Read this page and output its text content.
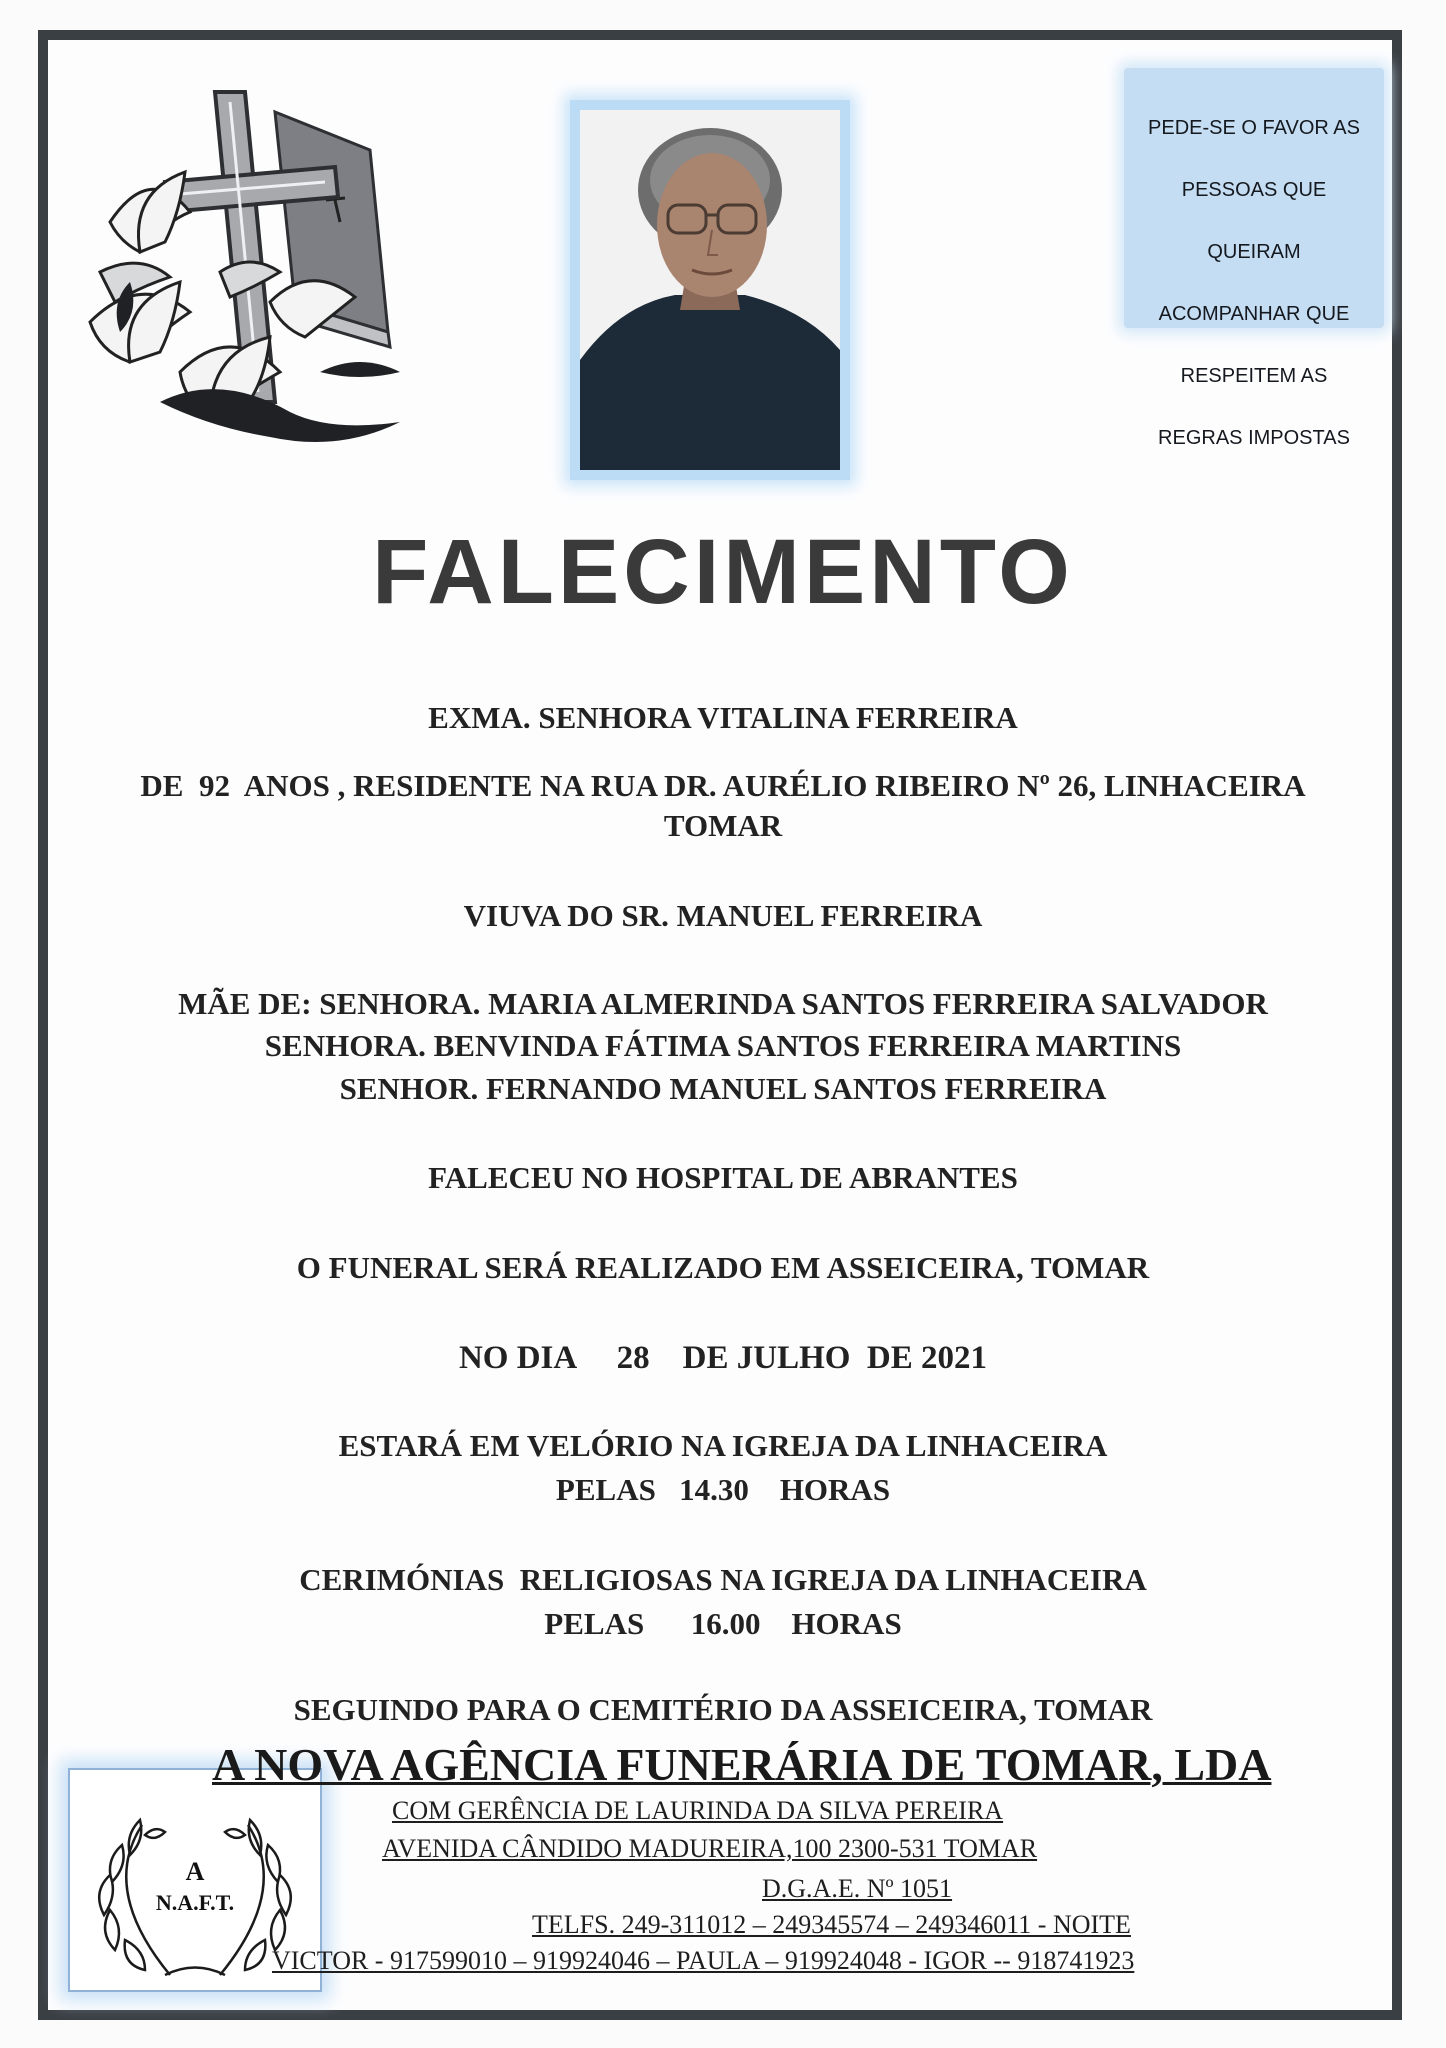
PEDE-SE O FAVOR AS

PESSOAS QUE

QUEIRAM

ACOMPANHAR QUE

RESPEITEM AS

REGRAS IMPOSTAS

FALECIMENTO
EXMA. SENHORA VITALINA FERREIRA
DE  92  ANOS , RESIDENTE NA RUA DR. AURÉLIO RIBEIRO Nº 26, LINHACEIRA
TOMAR
VIUVA DO SR. MANUEL FERREIRA
MÃE DE: SENHORA. MARIA ALMERINDA SANTOS FERREIRA SALVADOR
SENHORA. BENVINDA FÁTIMA SANTOS FERREIRA MARTINS
SENHOR. FERNANDO MANUEL SANTOS FERREIRA
FALECEU NO HOSPITAL DE ABRANTES
O FUNERAL SERÁ REALIZADO EM ASSEICEIRA, TOMAR
NO DIA     28    DE JULHO  DE 2021
ESTARÁ EM VELÓRIO NA IGREJA DA LINHACEIRA
PELAS   14.30    HORAS
CERIMÓNIAS  RELIGIOSAS NA IGREJA DA LINHACEIRA
PELAS      16.00    HORAS
SEGUINDO PARA O CEMITÉRIO DA ASSEICEIRA, TOMAR
A
N.A.F.T.
A NOVA AGÊNCIA FUNERÁRIA DE TOMAR, LDA
COM GERÊNCIA DE LAURINDA DA SILVA PEREIRA
AVENIDA CÂNDIDO MADUREIRA,100 2300-531 TOMAR
D.G.A.E. Nº 1051
TELFS. 249-311012 – 249345574 – 249346011 - NOITE
VICTOR - 917599010 – 919924046 – PAULA – 919924048 - IGOR -- 918741923
